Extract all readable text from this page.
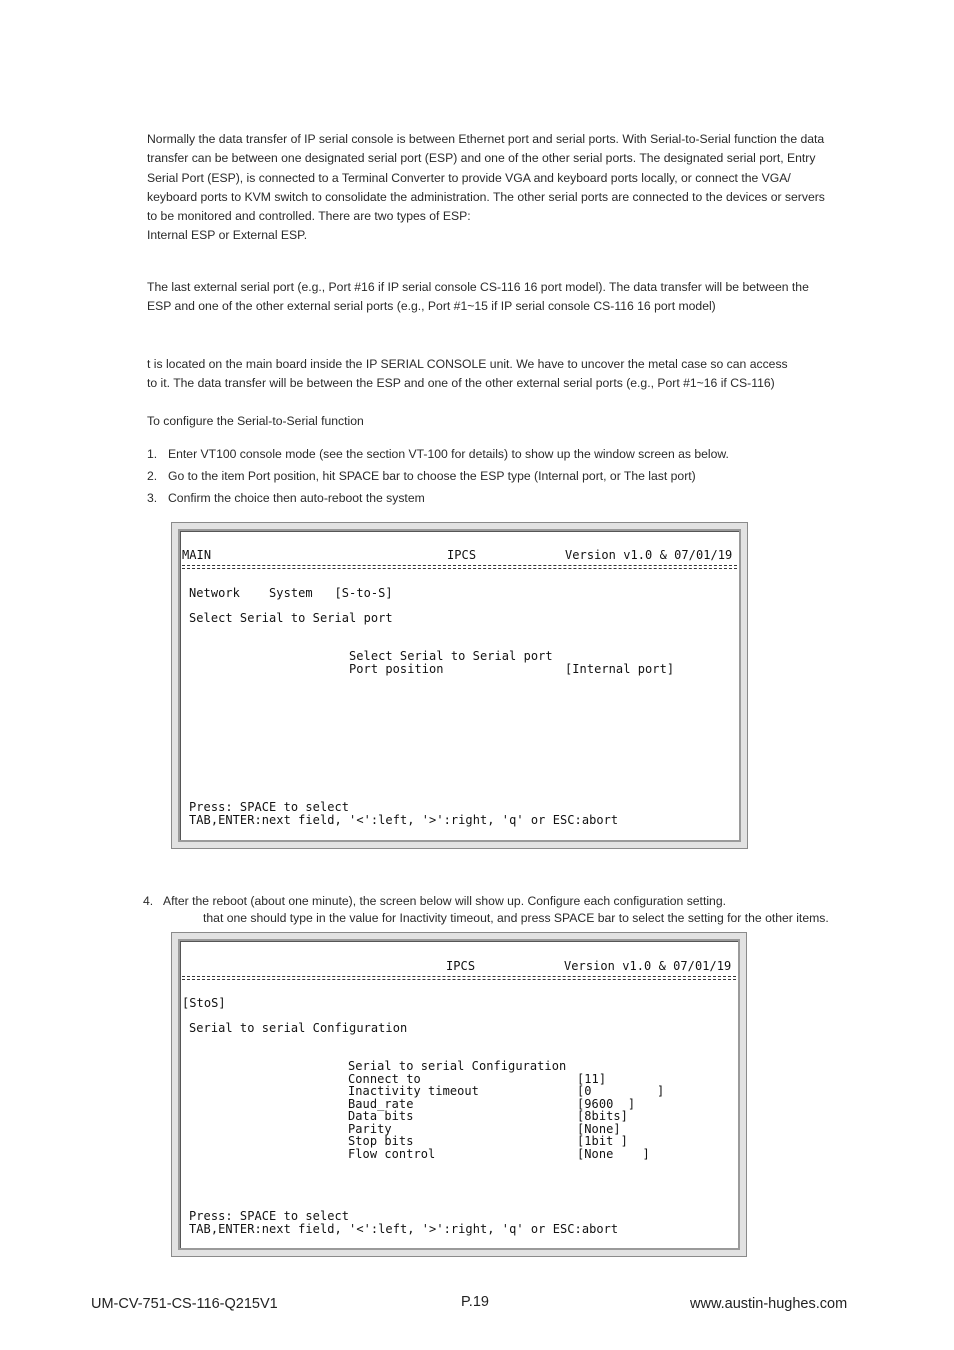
Normally the data transfer of IP serial console is between Ethernet port and serial ports. With Serial-to-Serial function the data
transfer can be between one designated serial port (ESP) and one of the other serial ports. The designated serial port, Entry
Serial Port (ESP), is connected to a Terminal Converter to provide VGA and keyboard ports locally, or connect the VGA/
keyboard ports to KVM switch to consolidate the administration. The other serial ports are connected to the devices or servers
to be monitored and controlled. There are two types of ESP:
Internal ESP or External ESP.
The last external serial port (e.g., Port #16 if IP serial console CS-116 16 port model). The data transfer will be between the
ESP and one of the other external serial ports (e.g., Port #1~15 if IP serial console CS-116 16 port model)
t is located on the main board inside the IP SERIAL CONSOLE unit. We have to uncover the metal case so can access
to it. The data transfer will be between the ESP and one of the other external serial ports (e.g., Port #1~16 if CS-116)
To configure the Serial-to-Serial function
1. Enter VT100 console mode (see the section VT-100 for details) to show up the window screen as below.
2. Go to the item Port position, hit SPACE bar to choose the ESP type (Internal port, or The last port)
3. Confirm the choice then auto-reboot the system
MAIN	IPCS	Version v1.0 & 07/01/19
Network    System   [S-to-S]
Select Serial to Serial port
Select Serial to Serial port
Port position	[Internal port]
Press: SPACE to select
TAB,ENTER:next field, '<':left, '>':right, 'q' or ESC:abort
4. After the reboot (about one minute), the screen below will show up. Configure each configuration setting.
that one should type in the value for Inactivity timeout, and press SPACE bar to select the setting for the other items.
IPCS	Version v1.0 & 07/01/19
[StoS]
Serial to serial Configuration
Serial to serial Configuration
Connect to	[11]
Inactivity timeout	[0         ]
Baud_rate	[9600  ]
Data bits	[8bits]
Parity	[None]
Stop bits	[1bit ]
Flow control	[None    ]
Press: SPACE to select
TAB,ENTER:next field, '<':left, '>':right, 'q' or ESC:abort
UM-CV-751-CS-116-Q215V1	P.19	www.austin-hughes.com
